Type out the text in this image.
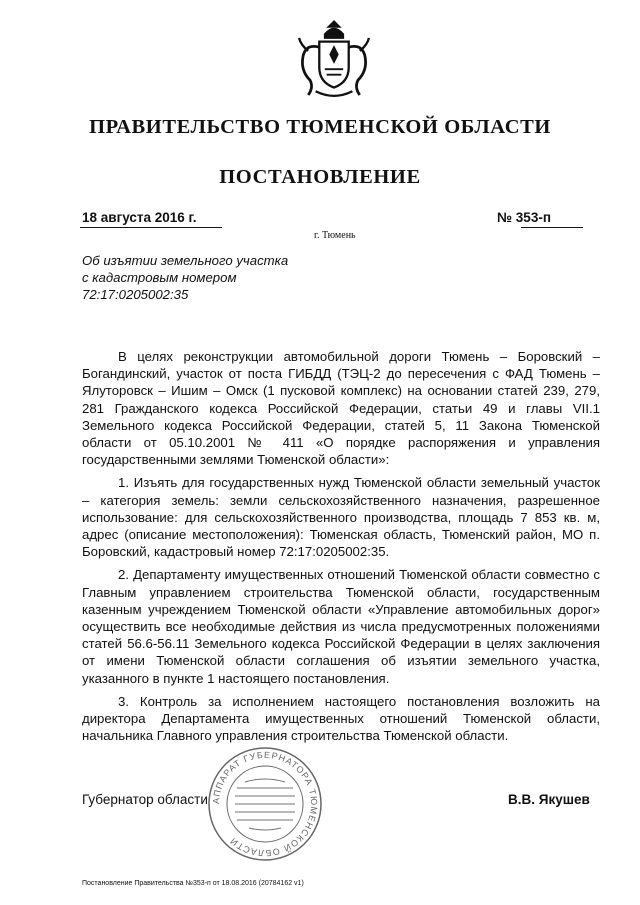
ПРАВИТЕЛЬСТВО ТЮМЕНСКОЙ ОБЛАСТИ
ПОСТАНОВЛЕНИЕ
18 августа 2016 г.
г. Тюмень
№ 353-п
Об изъятии земельного участка
с кадастровым номером
72:17:0205002:35

В целях реконструкции автомобильной дороги Тюмень – Боровский – Богандинский, участок от поста ГИБДД (ТЭЦ-2 до пересечения с ФАД Тюмень – Ялуторовск – Ишим – Омск (1 пусковой комплекс) на основании статей 239, 279, 281 Гражданского кодекса Российской Федерации, статьи 49 и главы VII.1 Земельного кодекса Российской Федерации, статей 5, 11 Закона Тюменской области от 05.10.2001 № 411 «О порядке распоряжения и управления государственными землями Тюменской области»:

1. Изъять для государственных нужд Тюменской области земельный участок – категория земель: земли сельскохозяйственного назначения, разрешенное использование: для сельскохозяйственного производства, площадь 7 853 кв. м, адрес (описание местоположения): Тюменская область, Тюменский район, МО п. Боровский, кадастровый номер 72:17:0205002:35.

2. Департаменту имущественных отношений Тюменской области совместно с Главным управлением строительства Тюменской области, государственным казенным учреждением Тюменской области «Управление автомобильных дорог» осуществить все необходимые действия из числа предусмотренных положениями статей 56.6-56.11 Земельного кодекса Российской Федерации в целях заключения от имени Тюменской области соглашения об изъятии земельного участка, указанного в пункте 1 настоящего постановления.

3. Контроль за исполнением настоящего постановления возложить на директора Департамента имущественных отношений Тюменской области, начальника Главного управления строительства Тюменской области.

Губернатор области	В.В. Якушев
АППАРАТ ГУБЕРНАТОРА ТЮМЕНСКОЙ ОБЛАСТИ
Постановление Правительства №353-п от 18.08.2016 (20784162 v1)
